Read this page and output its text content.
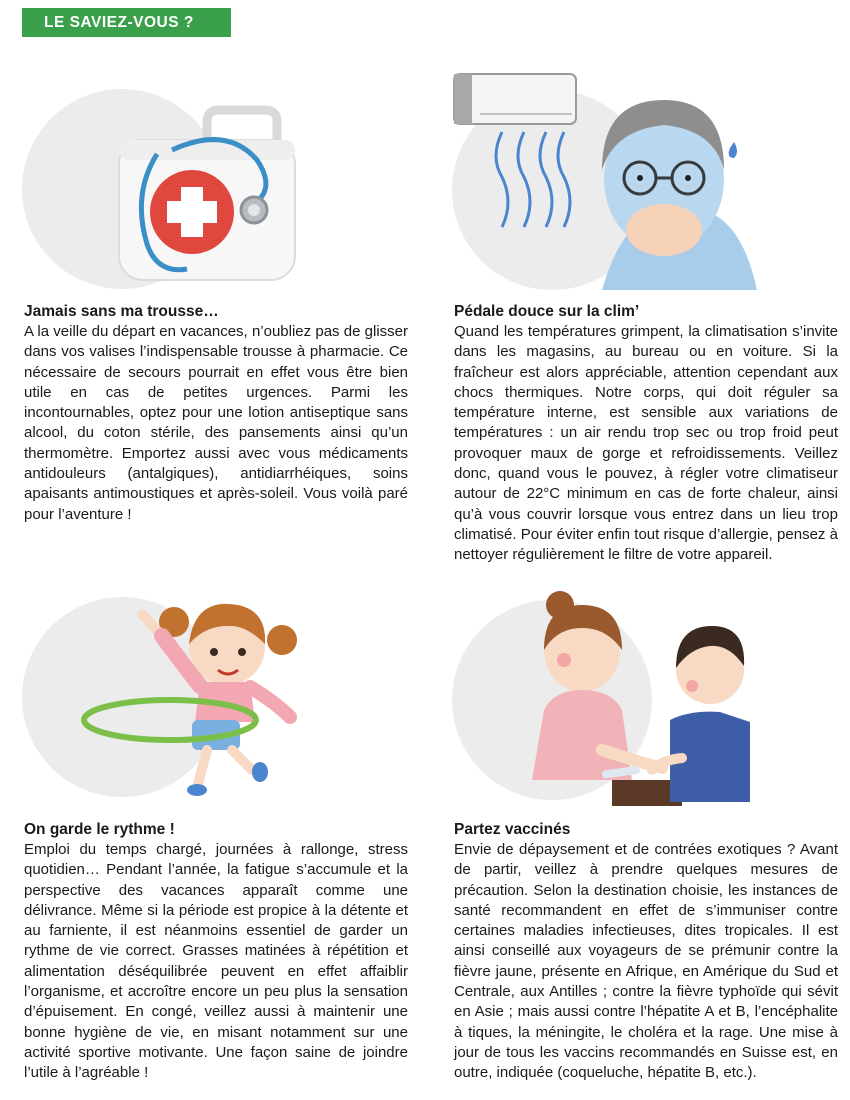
LE SAVIEZ-VOUS ?
Jamais sans ma trousse…

A la veille du départ en vacances, n’oubliez pas de glisser dans vos valises l’indispensable trousse à pharmacie. Ce nécessaire de secours pourrait en effet vous être bien utile en cas de petites urgences. Parmi les incontournables, optez pour une lotion antiseptique sans alcool, du coton stérile, des pansements ainsi qu’un thermomètre. Emportez aussi avec vous médicaments antidouleurs (antalgiques), antidiarrhéiques, soins apaisants antimoustiques et après-soleil. Vous voilà paré pour l’aventure !

Pédale douce sur la clim’

Quand les températures grimpent, la climatisation s’invite dans les magasins, au bureau ou en voiture. Si la fraîcheur est alors appréciable, attention cependant aux chocs thermiques. Notre corps, qui doit réguler sa température interne, est sensible aux variations de températures : un air rendu trop sec ou trop froid peut provoquer maux de gorge et refroidissements. Veillez donc, quand vous le pouvez, à régler votre climatiseur autour de 22°C minimum en cas de forte chaleur, ainsi qu’à vous couvrir lorsque vous entrez dans un lieu trop climatisé. Pour éviter enfin tout risque d’allergie, pensez à nettoyer régulièrement le filtre de votre appareil.

On garde le rythme !

Emploi du temps chargé, journées à rallonge, stress quotidien… Pendant l’année, la fatigue s’accumule et la perspective des vacances apparaît comme une délivrance. Même si la période est propice à la détente et au farniente, il est néanmoins essentiel de garder un rythme de vie correct. Grasses matinées à répétition et alimentation déséquilibrée peuvent en effet affaiblir l’organisme, et accroître encore un peu plus la sensation d’épuisement. En congé, veillez aussi à maintenir une bonne hygiène de vie, en misant notamment sur une activité sportive motivante. Une façon saine de joindre l’utile à l’agréable !

Partez vaccinés

Envie de dépaysement et de contrées exotiques ? Avant de partir, veillez à prendre quelques mesures de précaution. Selon la destination choisie, les instances de santé recommandent en effet de s’immuniser contre certaines maladies infectieuses, dites tropicales. Il est ainsi conseillé aux voyageurs de se prémunir contre la fièvre jaune, présente en Afrique, en Amérique du Sud et Centrale, aux Antilles ; contre la fièvre typhoïde qui sévit en Asie ; mais aussi contre l’hépatite A et B, l’encéphalite à tiques, la méningite, le choléra et la rage. Une mise à jour de tous les vaccins recommandés en Suisse est, en outre, indiquée (coqueluche, hépatite B, etc.).
